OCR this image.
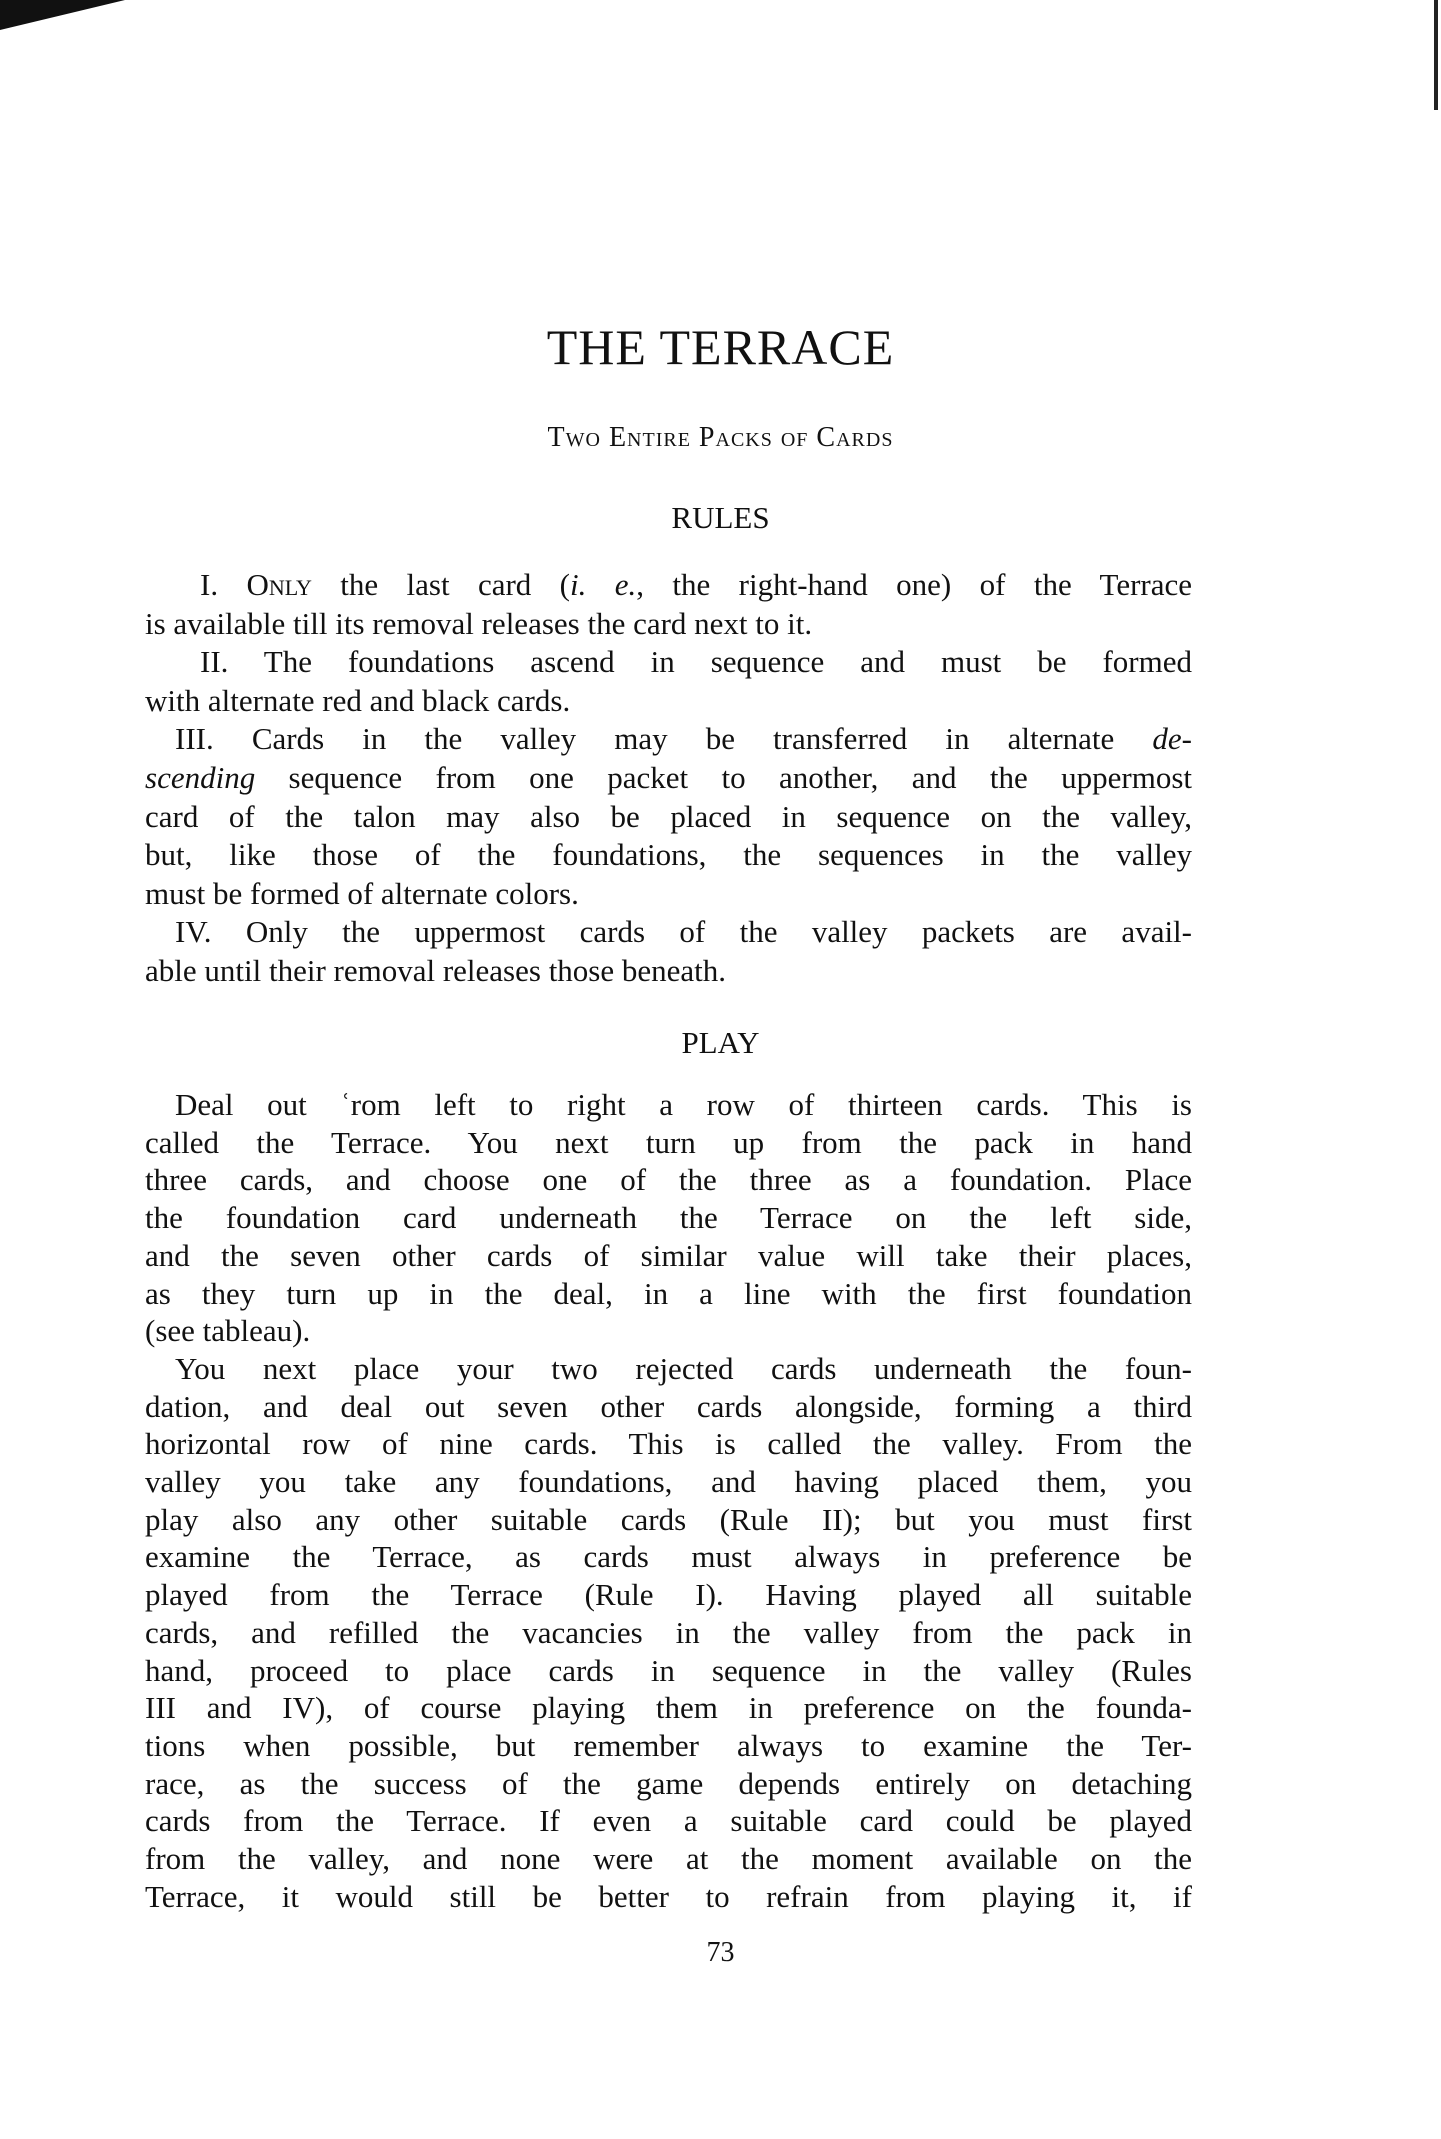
THE TERRACE
Two Entire Packs of Cards
RULES
I. Only the last card (i. e., the right-hand one) of the Terrace
is available till its removal releases the card next to it.
II. The foundations ascend in sequence and must be formed
with alternate red and black cards.
III. Cards in the valley may be transferred in alternate de-
scending sequence from one packet to another, and the uppermost
card of the talon may also be placed in sequence on the valley,
but, like those of the foundations, the sequences in the valley
must be formed of alternate colors.
IV. Only the uppermost cards of the valley packets are avail-
able until their removal releases those beneath.
PLAY
Deal out ʿrom left to right a row of thirteen cards. This is
called the Terrace. You next turn up from the pack in hand
three cards, and choose one of the three as a foundation. Place
the foundation card underneath the Terrace on the left side,
and the seven other cards of similar value will take their places,
as they turn up in the deal, in a line with the first foundation
(see tableau).
You next place your two rejected cards underneath the foun-
dation, and deal out seven other cards alongside, forming a third
horizontal row of nine cards. This is called the valley. From the
valley you take any foundations, and having placed them, you
play also any other suitable cards (Rule II); but you must first
examine the Terrace, as cards must always in preference be
played from the Terrace (Rule I). Having played all suitable
cards, and refilled the vacancies in the valley from the pack in
hand, proceed to place cards in sequence in the valley (Rules
III and IV), of course playing them in preference on the founda-
tions when possible, but remember always to examine the Ter-
race, as the success of the game depends entirely on detaching
cards from the Terrace. If even a suitable card could be played
from the valley, and none were at the moment available on the
Terrace, it would still be better to refrain from playing it, if
73
